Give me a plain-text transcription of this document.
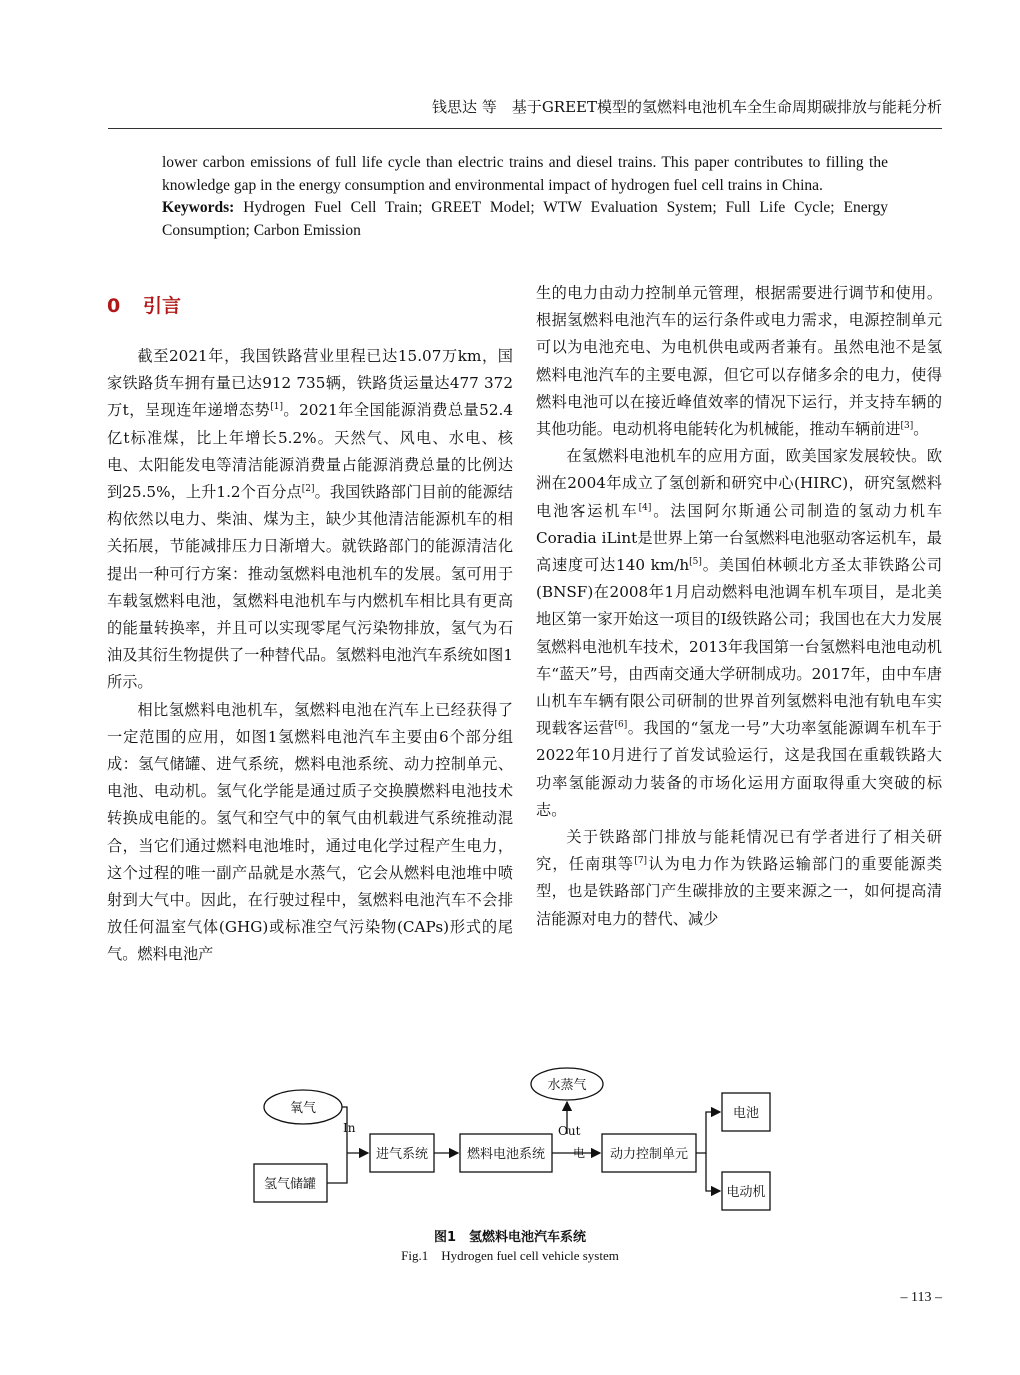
钱思达 等　基于GREET模型的氢燃料电池机车全生命周期碳排放与能耗分析
lower carbon emissions of full life cycle than electric trains and diesel trains. This paper contributes to filling the knowledge gap in the energy consumption and environmental impact of hydrogen fuel cell trains in China.
Keywords: Hydrogen Fuel Cell Train; GREET Model; WTW Evaluation System; Full Life Cycle; Energy Consumption; Carbon Emission
0 引言

截至2021年，我国铁路营业里程已达15.07万km，国家铁路货车拥有量已达912 735辆，铁路货运量达477 372万t，呈现连年递增态势[1]。2021年全国能源消费总量52.4亿t标准煤，比上年增长5.2%。天然气、风电、水电、核电、太阳能发电等清洁能源消费量占能源消费总量的比例达到25.5%，上升1.2个百分点[2]。我国铁路部门目前的能源结构依然以电力、柴油、煤为主，缺少其他清洁能源机车的相关拓展，节能减排压力日渐增大。就铁路部门的能源清洁化提出一种可行方案：推动氢燃料电池机车的发展。氢可用于车载氢燃料电池，氢燃料电池机车与内燃机车相比具有更高的能量转换率，并且可以实现零尾气污染物排放，氢气为石油及其衍生物提供了一种替代品。氢燃料电池汽车系统如图1所示。

相比氢燃料电池机车，氢燃料电池在汽车上已经获得了一定范围的应用，如图1氢燃料电池汽车主要由6个部分组成：氢气储罐、进气系统，燃料电池系统、动力控制单元、电池、电动机。氢气化学能是通过质子交换膜燃料电池技术转换成电能的。氢气和空气中的氧气由机载进气系统推动混合，当它们通过燃料电池堆时，通过电化学过程产生电力，这个过程的唯一副产品就是水蒸气，它会从燃料电池堆中喷射到大气中。因此，在行驶过程中，氢燃料电池汽车不会排放任何温室气体(GHG)或标准空气污染物(CAPs)形式的尾气。燃料电池产

生的电力由动力控制单元管理，根据需要进行调节和使用。根据氢燃料电池汽车的运行条件或电力需求，电源控制单元可以为电池充电、为电机供电或两者兼有。虽然电池不是氢燃料电池汽车的主要电源，但它可以存储多余的电力，使得燃料电池可以在接近峰值效率的情况下运行，并支持车辆的其他功能。电动机将电能转化为机械能，推动车辆前进[3]。

在氢燃料电池机车的应用方面，欧美国家发展较快。欧洲在2004年成立了氢创新和研究中心(HIRC)，研究氢燃料电池客运机车[4]。法国阿尔斯通公司制造的氢动力机车Coradia iLint是世界上第一台氢燃料电池驱动客运机车，最高速度可达140 km/h[5]。美国伯林顿北方圣太菲铁路公司(BNSF)在2008年1月启动燃料电池调车机车项目，是北美地区第一家开始这一项目的I级铁路公司；我国也在大力发展氢燃料电池机车技术，2013年我国第一台氢燃料电池电动机车“蓝天”号，由西南交通大学研制成功。2017年，由中车唐山机车车辆有限公司研制的世界首列氢燃料电池有轨电车实现载客运营[6]。我国的“氢龙一号”大功率氢能源调车机车于2022年10月进行了首发试验运行，这是我国在重载铁路大功率氢能源动力装备的市场化运用方面取得重大突破的标志。

关于铁路部门排放与能耗情况已有学者进行了相关研究，任南琪等[7]认为电力作为铁路运输部门的重要能源类型，也是铁路部门产生碳排放的主要来源之一，如何提高清洁能源对电力的替代、减少

氧气
水蒸气
氢气储罐
进气系统	燃料电池系统	动力控制单元
电池
电动机
In	Out
电
图1　氢燃料电池汽车系统
Fig.1　Hydrogen fuel cell vehicle system
– 113 –
